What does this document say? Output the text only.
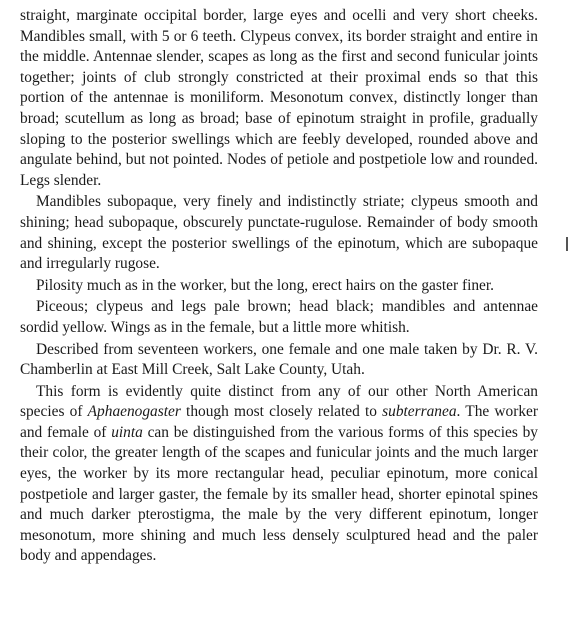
straight, marginate occipital border, large eyes and ocelli and very short cheeks. Mandibles small, with 5 or 6 teeth. Clypeus convex, its border straight and entire in the middle. Antennae slender, scapes as long as the first and second funicular joints together; joints of club strongly constricted at their proximal ends so that this portion of the antennae is moniliform. Mesonotum convex, distinctly longer than broad; scutellum as long as broad; base of epinotum straight in profile, gradually sloping to the posterior swellings which are feebly developed, rounded above and angulate behind, but not pointed. Nodes of petiole and postpetiole low and rounded. Legs slender.

Mandibles subopaque, very finely and indistinctly striate; clypeus smooth and shining; head subopaque, obscurely punctate-rugulose. Remainder of body smooth and shining, except the posterior swellings of the epinotum, which are subopaque and irregularly rugose.

Pilosity much as in the worker, but the long, erect hairs on the gaster finer.

Piceous; clypeus and legs pale brown; head black; mandibles and antennae sordid yellow. Wings as in the female, but a little more whitish.

Described from seventeen workers, one female and one male taken by Dr. R. V. Chamberlin at East Mill Creek, Salt Lake County, Utah.

This form is evidently quite distinct from any of our other North American species of Aphaenogaster though most closely related to subterranea. The worker and female of uinta can be distinguished from the various forms of this species by their color, the greater length of the scapes and funicular joints and the much larger eyes, the worker by its more rectangular head, peculiar epinotum, more conical postpetiole and larger gaster, the female by its smaller head, shorter epinotal spines and much darker pterostigma, the male by the very different epinotum, longer mesonotum, more shining and much less densely sculptured head and the paler body and appendages.
